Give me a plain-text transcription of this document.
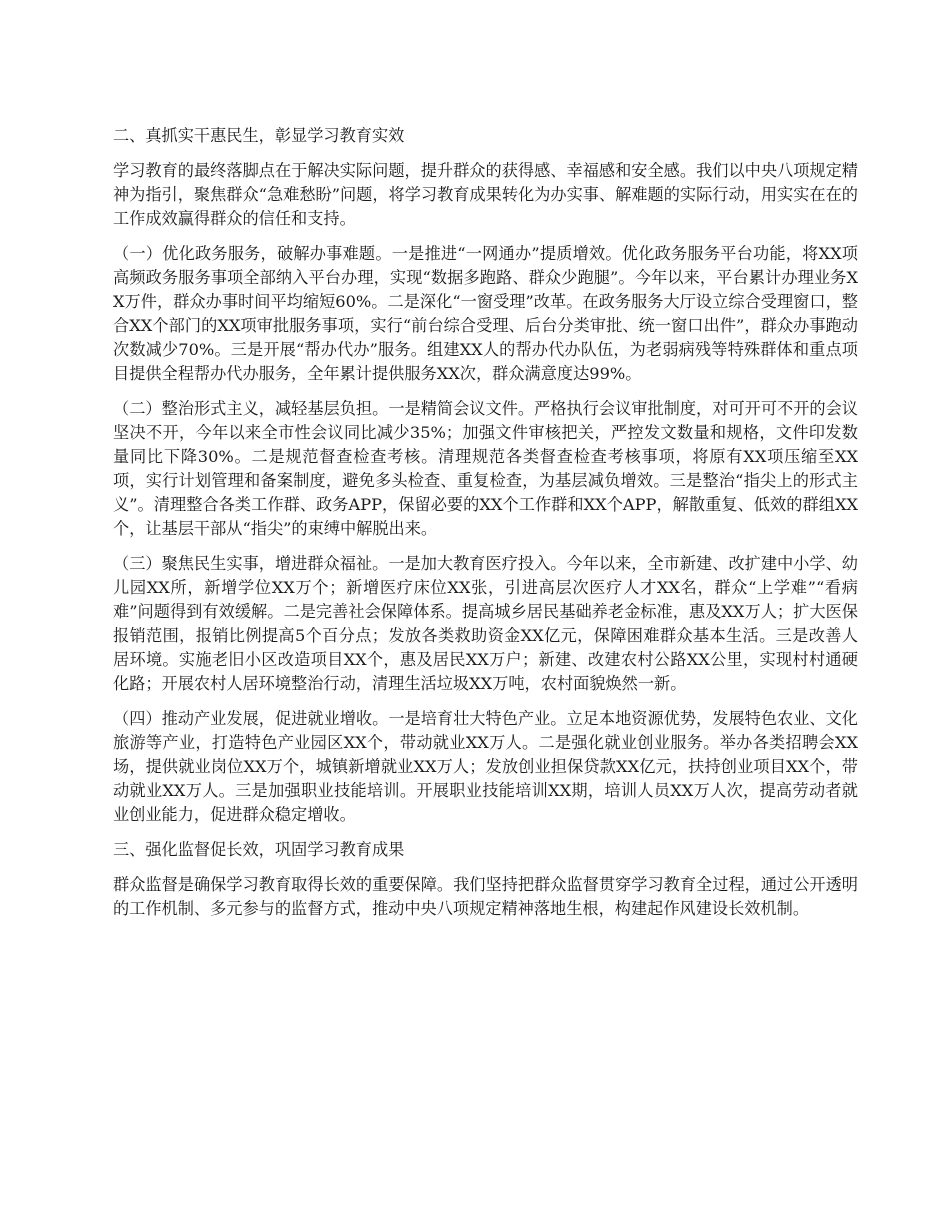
二、真抓实干惠民生，彰显学习教育实效

学习教育的最终落脚点在于解决实际问题，提升群众的获得感、幸福感和安全感。我们以中央八项规定精神为指引，聚焦群众“急难愁盼”问题，将学习教育成果转化为办实事、解难题的实际行动，用实实在在的工作成效赢得群众的信任和支持。

（一）优化政务服务，破解办事难题。一是推进“一网通办”提质增效。优化政务服务平台功能，将XX项高频政务服务事项全部纳入平台办理，实现“数据多跑路、群众少跑腿”。今年以来，平台累计办理业务XX万件，群众办事时间平均缩短60%。二是深化“一窗受理”改革。在政务服务大厅设立综合受理窗口，整合XX个部门的XX项审批服务事项，实行“前台综合受理、后台分类审批、统一窗口出件”，群众办事跑动次数减少70%。三是开展“帮办代办”服务。组建XX人的帮办代办队伍，为老弱病残等特殊群体和重点项目提供全程帮办代办服务，全年累计提供服务XX次，群众满意度达99%。

（二）整治形式主义，减轻基层负担。一是精简会议文件。严格执行会议审批制度，对可开可不开的会议坚决不开，今年以来全市性会议同比减少35%；加强文件审核把关，严控发文数量和规格，文件印发数量同比下降30%。二是规范督查检查考核。清理规范各类督查检查考核事项，将原有XX项压缩至XX项，实行计划管理和备案制度，避免多头检查、重复检查，为基层减负增效。三是整治“指尖上的形式主义”。清理整合各类工作群、政务APP，保留必要的XX个工作群和XX个APP，解散重复、低效的群组XX个，让基层干部从“指尖”的束缚中解脱出来。

（三）聚焦民生实事，增进群众福祉。一是加大教育医疗投入。今年以来，全市新建、改扩建中小学、幼儿园XX所，新增学位XX万个；新增医疗床位XX张，引进高层次医疗人才XX名，群众“上学难”“看病难”问题得到有效缓解。二是完善社会保障体系。提高城乡居民基础养老金标准，惠及XX万人；扩大医保报销范围，报销比例提高5个百分点；发放各类救助资金XX亿元，保障困难群众基本生活。三是改善人居环境。实施老旧小区改造项目XX个，惠及居民XX万户；新建、改建农村公路XX公里，实现村村通硬化路；开展农村人居环境整治行动，清理生活垃圾XX万吨，农村面貌焕然一新。

（四）推动产业发展，促进就业增收。一是培育壮大特色产业。立足本地资源优势，发展特色农业、文化旅游等产业，打造特色产业园区XX个，带动就业XX万人。二是强化就业创业服务。举办各类招聘会XX场，提供就业岗位XX万个，城镇新增就业XX万人；发放创业担保贷款XX亿元，扶持创业项目XX个，带动就业XX万人。三是加强职业技能培训。开展职业技能培训XX期，培训人员XX万人次，提高劳动者就业创业能力，促进群众稳定增收。

三、强化监督促长效，巩固学习教育成果

群众监督是确保学习教育取得长效的重要保障。我们坚持把群众监督贯穿学习教育全过程，通过公开透明的工作机制、多元参与的监督方式，推动中央八项规定精神落地生根，构建起作风建设长效机制。
